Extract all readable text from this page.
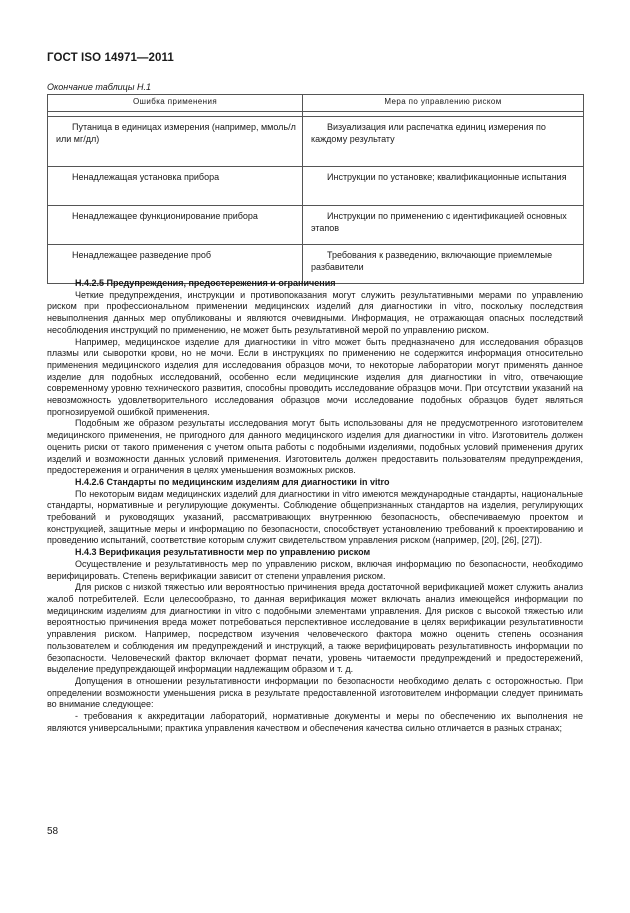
ГОСТ ISO 14971—2011
Окончание таблицы Н.1
Ошибка применения	Мера по управлению риском

Путаница в единицах измерения (например, ммоль/л или мг/дл)	Визуализация или распечатка единиц измерения по каждому результату

Ненадлежащая установка прибора	Инструкции по установке; квалификационные испытания

Ненадлежащее функционирование прибора	Инструкции по применению с идентификацией основных этапов

Ненадлежащее разведение проб	Требования к разведению, включающие приемлемые разбавители
Н.4.2.5 Предупреждения, предостережения и ограничения
Четкие предупреждения, инструкции и противопоказания могут служить результативными мерами по управлению риском при профессиональном применении медицинских изделий для диагностики in vitro, поскольку последствия невыполнения данных мер опубликованы и являются очевидными. Информация, не отражающая опасных последствий несоблюдения инструкций по применению, не может быть результативной мерой по управлению риском.
Например, медицинское изделие для диагностики in vitro может быть предназначено для исследования образцов плазмы или сыворотки крови, но не мочи. Если в инструкциях по применению не содержится информация относительно применения медицинского изделия для исследования образцов мочи, то некоторые лаборатории могут применять данное изделие для подобных исследований, особенно если медицинские изделия для диагностики in vitro, отвечающие современному уровню технического развития, способны проводить исследование образцов мочи. При отсутствии указаний на невозможность удовлетворительного исследования образцов мочи исследование подобных образцов будет являться прогнозируемой ошибкой применения.
Подобным же образом результаты исследования могут быть использованы для не предусмотренного изготовителем медицинского применения, не пригодного для данного медицинского изделия для диагностики in vitro. Изготовитель должен оценить риски от такого применения с учетом опыта работы с подобными изделиями, подобных условий применения других изделий и возможности данных условий применения. Изготовитель должен предоставить пользователям предупреждения, предостережения и ограничения в целях уменьшения возможных рисков.
Н.4.2.6 Стандарты по медицинским изделиям для диагностики in vitro
По некоторым видам медицинских изделий для диагностики in vitro имеются международные стандарты, национальные стандарты, нормативные и регулирующие документы. Соблюдение общепризнанных стандартов на изделия, регулирующих требований и руководящих указаний, рассматривающих внутреннюю безопасность, обеспечиваемую проектом и конструкцией, защитные меры и информацию по безопасности, способствует установлению требований к проектированию и проведению испытаний, соответствие которым служит свидетельством управления риском (например, [20], [26], [27]).
Н.4.3 Верификация результативности мер по управлению риском
Осуществление и результативность мер по управлению риском, включая информацию по безопасности, необходимо верифицировать. Степень верификации зависит от степени управления риском.
Для рисков с низкой тяжестью или вероятностью причинения вреда достаточной верификацией может служить анализ жалоб потребителей. Если целесообразно, то данная верификация может включать анализ имеющейся информации по медицинским изделиям для диагностики in vitro с подобными элементами управления. Для рисков с высокой тяжестью или вероятностью причинения вреда может потребоваться перспективное исследование в целях верификации результативности управления риском. Например, посредством изучения человеческого фактора можно оценить степень осознания пользователем и соблюдения им предупреждений и инструкций, а также верифицировать результативность информации по безопасности. Человеческий фактор включает формат печати, уровень читаемости предупреждений и предостережений, выделение предупреждающей информации надлежащим образом и т. д.
Допущения в отношении результативности информации по безопасности необходимо делать с осторожностью. При определении возможности уменьшения риска в результате предоставленной изготовителем информации следует принимать во внимание следующее:
- требования к аккредитации лабораторий, нормативные документы и меры по обеспечению их выполнения не являются универсальными; практика управления качеством и обеспечения качества сильно отличается в разных странах;
58
